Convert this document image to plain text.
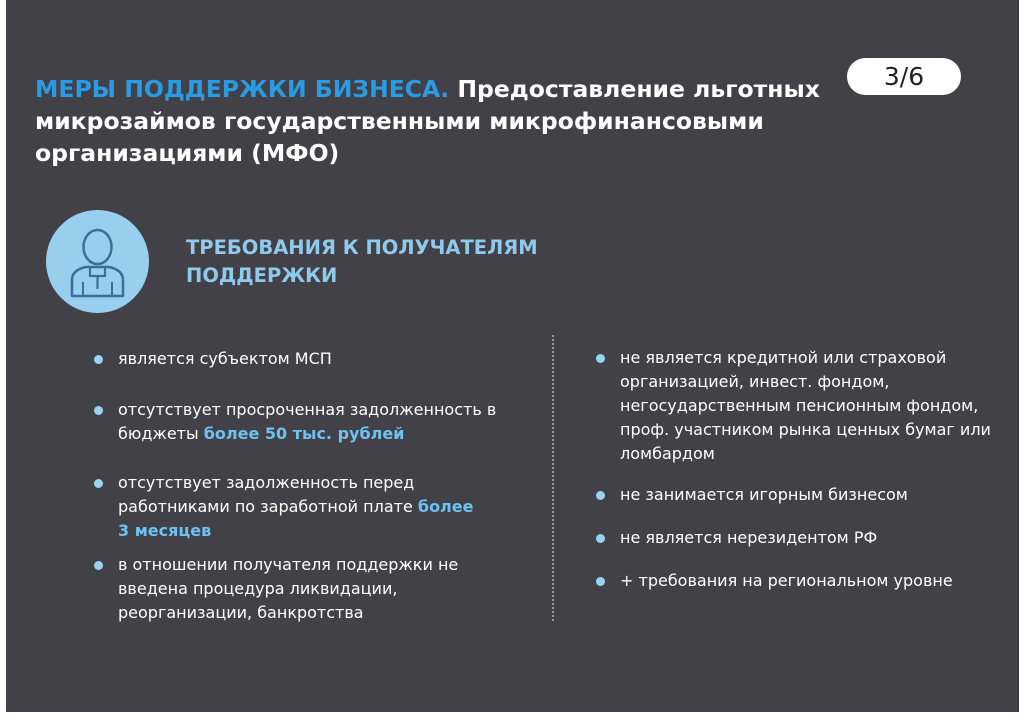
МЕРЫ ПОДДЕРЖКИ БИЗНЕСА. Предоставление льготных микрозаймов государственными микрофинансовыми организациями (МФО)
3/6
ТРЕБОВАНИЯ К ПОЛУЧАТЕЛЯМ ПОДДЕРЖКИ
является субъектом МСП
отсутствует просроченная задолженность в бюджеты более 50 тыс. рублей
отсутствует задолженность перед работниками по заработной плате более 3 месяцев
в отношении получателя поддержки не введена процедура ликвидации, реорганизации, банкротства
не является кредитной или страховой организацией, инвест. фондом, негосударственным пенсионным фондом, проф. участником рынка ценных бумаг или ломбардом
не занимается игорным бизнесом
не является нерезидентом РФ
+ требования на региональном уровне
